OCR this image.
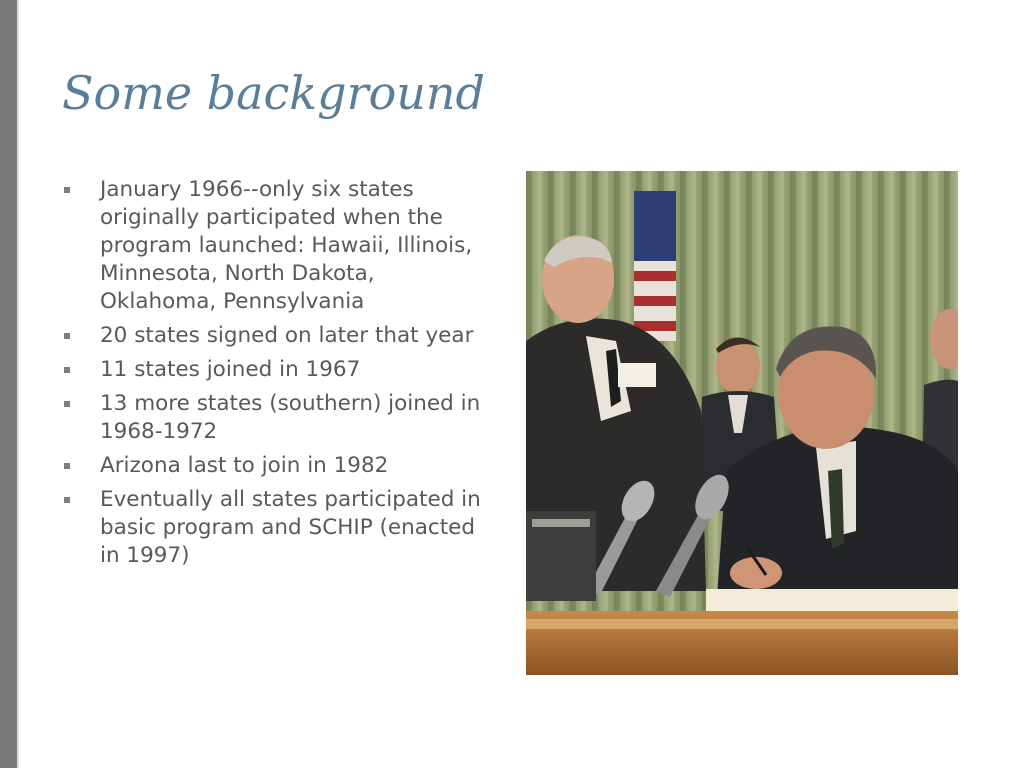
Some background
January 1966--only six states originally participated when the program launched: Hawaii, Illinois, Minnesota, North Dakota, Oklahoma, Pennsylvania
20 states signed on later that year
11 states joined in 1967
13 more states (southern) joined in 1968-1972
Arizona last to join in 1982
Eventually all states participated in basic program and SCHIP (enacted in 1997)
